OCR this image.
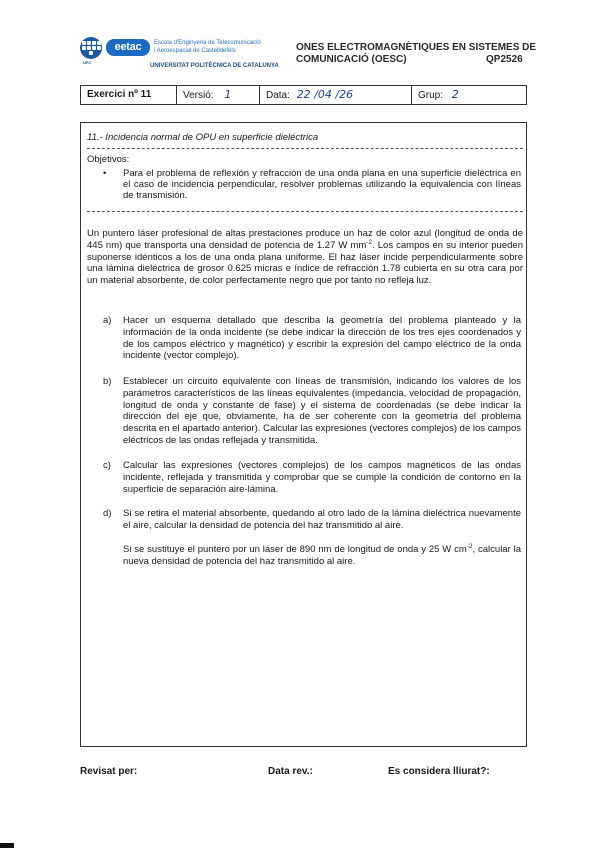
UPC
eetac	Escola d'Enginyeria de Telecomunicació
i Aeroespacial de Castelldefels
UNIVERSITAT POLITÈCNICA DE CATALUNYA
ONES ELECTROMAGNÈTIQUES EN SISTEMES DE
COMUNICACIÓ (OESC)	QP2526
Exercici nº 11	Versió: 1	Data: 22 /04 /26	Grup: 2
11.- Incidencia normal de OPU en superficie dieléctrica
Objetivos:
• Para el problema de reflexión y refracción de una onda plana en una superficie dieléctrica en el caso de incidencia perpendicular, resolver problemas utilizando la equivalencia con líneas de transmisión.
Un puntero láser profesional de altas prestaciones produce un haz de color azul (longitud de onda de 445 nm) que transporta una densidad de potencia de 1.27 W $mm^{-2}$. Los campos en su interior pueden suponerse idénticos a los de una onda plana uniforme. El haz láser incide perpendicularmente sobre una lámina dieléctrica de grosor 0.625 micras e índice de refracción 1.78 cubierta en su otra cara por un material absorbente, de color perfectamente negro que por tanto no refleja luz.
a) Hacer un esquema detallado que describa la geometría del problema planteado y la información de la onda incidente (se debe indicar la dirección de los tres ejes coordenados y de los campos eléctrico y magnético) y escribir la expresión del campo eléctrico de la onda incidente (vector complejo).
b) Establecer un circuito equivalente con líneas de transmisión, indicando los valores de los parámetros característicos de las líneas equivalentes (impedancia, velocidad de propagación, longitud de onda y constante de fase) y el sistema de coordenadas (se debe indicar la dirección del eje que, obviamente, ha de ser coherente con la geometría del problema descrita en el apartado anterior). Calcular las expresiones (vectores complejos) de los campos eléctricos de las ondas reflejada y transmitida.
c) Calcular las expresiones (vectores complejos) de los campos magnéticos de las ondas incidente, reflejada y transmitida y comprobar que se cumple la condición de contorno en la superficie de separación aire-lámina.
d) Si se retira el material absorbente, quedando al otro lado de la lámina dieléctrica nuevamente el aire, calcular la densidad de potencia del haz transmitido al aire.
Si se sustituye el puntero por un láser de 890 nm de longitud de onda y 25 W $cm^{-2}$, calcular la nueva densidad de potencia del haz transmitido al aire.
Revisat per:	Data rev.:	Es considera lliurat?:
